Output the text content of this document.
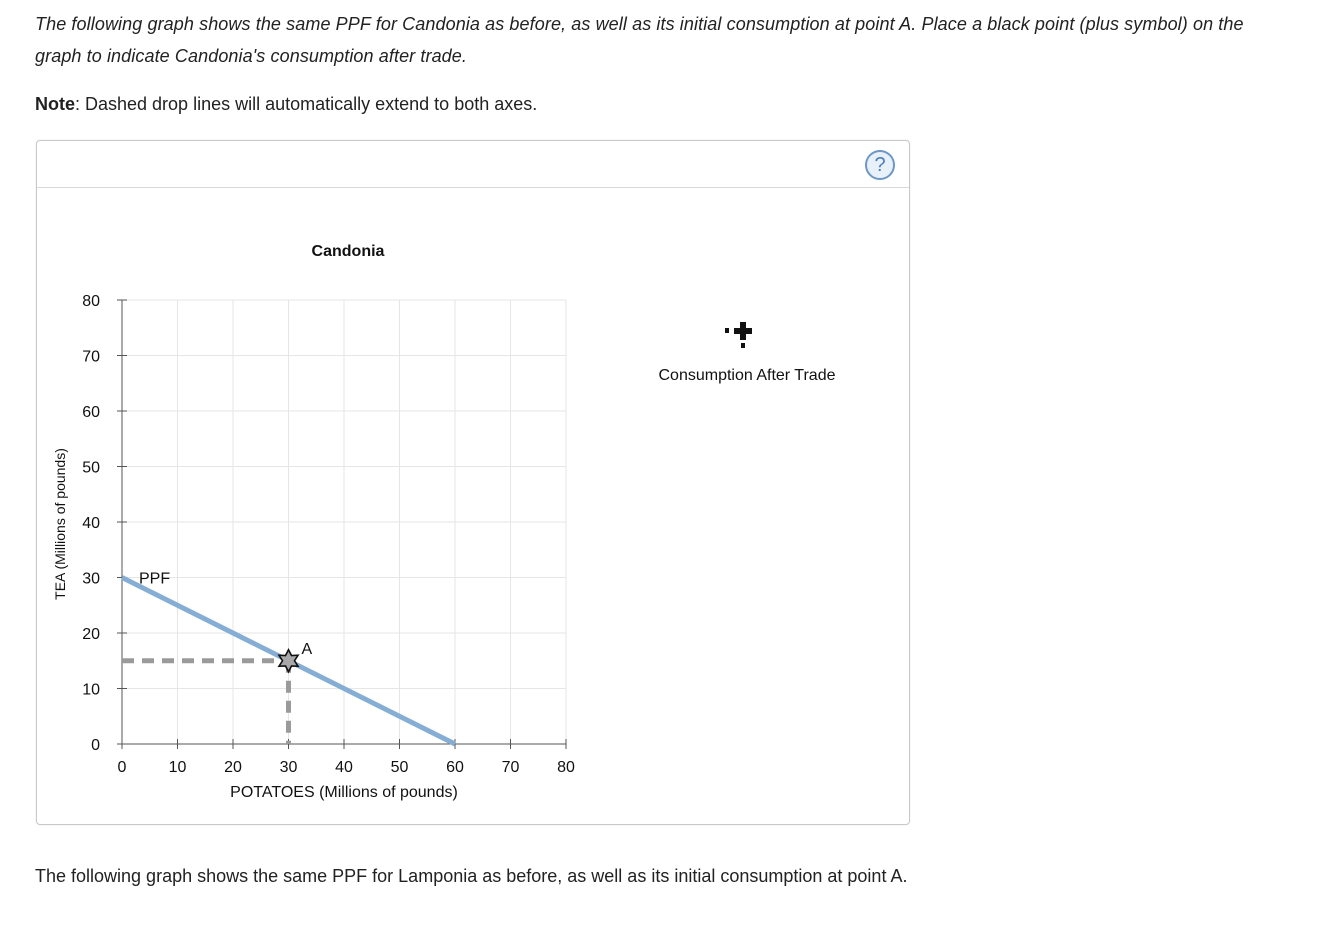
The following graph shows the same PPF for Candonia as before, as well as its initial consumption at point A. Place a black point (plus symbol) on the graph to indicate Candonia's consumption after trade.
Note: Dashed drop lines will automatically extend to both axes.
?
Candonia
0	10 20 30 40 50 60 70 80
0
10
20
30
40
50
60
70
80
PPF
A
POTATOES (Millions of pounds)
TEA (Millions of pounds)
Consumption After Trade
The following graph shows the same PPF for Lamponia as before, as well as its initial consumption at point A.
